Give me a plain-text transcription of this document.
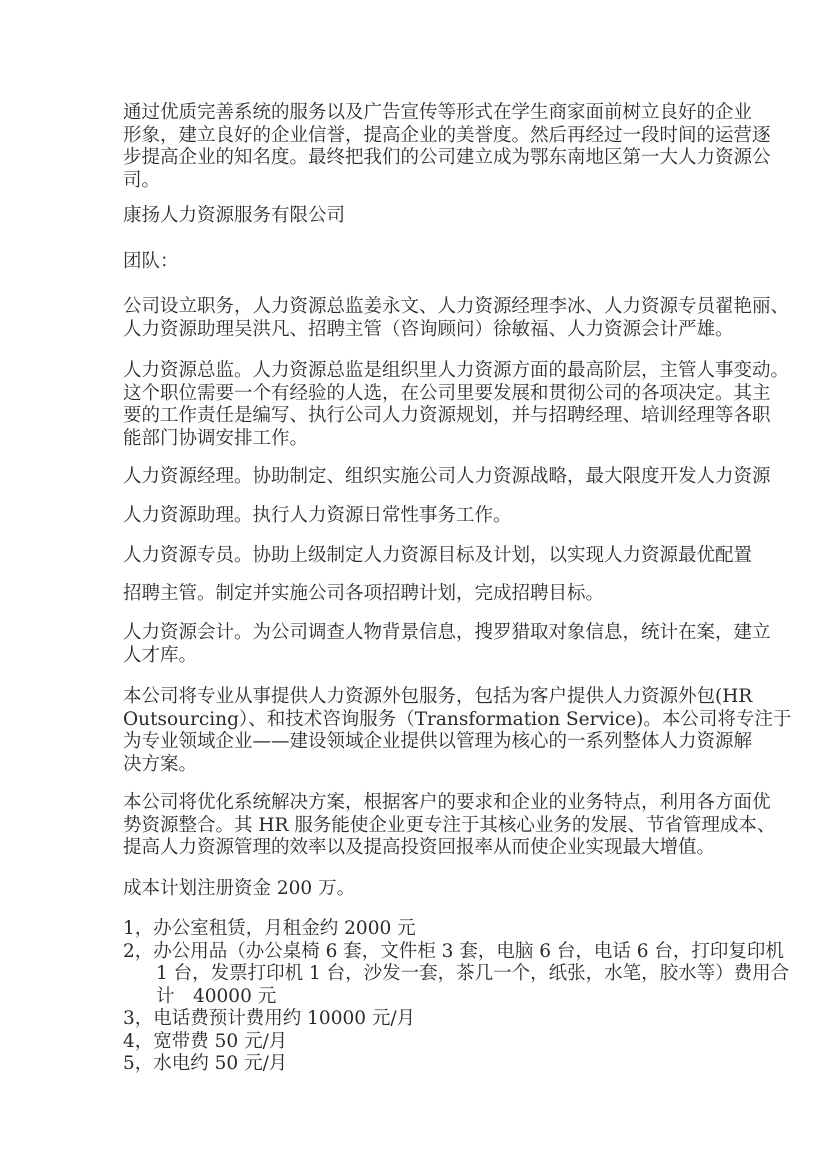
通过优质完善系统的服务以及广告宣传等形式在学生商家面前树立良好的企业
形象，建立良好的企业信誉，提高企业的美誉度。然后再经过一段时间的运营逐
步提高企业的知名度。最终把我们的公司建立成为鄂东南地区第一大人力资源公
司。
康扬人力资源服务有限公司
团队：
公司设立职务，人力资源总监姜永文、人力资源经理李冰、人力资源专员翟艳丽、
人力资源助理吴洪凡、招聘主管（咨询顾问）徐敏福、人力资源会计严雄。
人力资源总监。人力资源总监是组织里人力资源方面的最高阶层，主管人事变动。
这个职位需要一个有经验的人选，在公司里要发展和贯彻公司的各项决定。其主
要的工作责任是编写、执行公司人力资源规划，并与招聘经理、培训经理等各职
能部门协调安排工作。
人力资源经理。协助制定、组织实施公司人力资源战略，最大限度开发人力资源
人力资源助理。执行人力资源日常性事务工作。
人力资源专员。协助上级制定人力资源目标及计划，以实现人力资源最优配置
招聘主管。制定并实施公司各项招聘计划，完成招聘目标。
人力资源会计。为公司调查人物背景信息，搜罗猎取对象信息，统计在案，建立
人才库。
本公司将专业从事提供人力资源外包服务，包括为客户提供人力资源外包(HR
Outsourcing）、和技术咨询服务（Transformation Service)。本公司将专注于
为专业领域企业——建设领域企业提供以管理为核心的一系列整体人力资源解
决方案。
本公司将优化系统解决方案，根据客户的要求和企业的业务特点，利用各方面优
势资源整合。其 HR 服务能使企业更专注于其核心业务的发展、节省管理成本、
提高人力资源管理的效率以及提高投资回报率从而使企业实现最大增值。
成本计划注册资金 200 万。
1，办公室租赁，月租金约 2000 元
2，办公用品（办公桌椅 6 套，文件柜 3 套，电脑 6 台，电话 6 台，打印复印机
1 台，发票打印机 1 台，沙发一套，茶几一个，纸张，水笔，胶水等）费用合
计　40000 元
3，电话费预计费用约 10000 元/月
4，宽带费 50 元/月
5，水电约 50 元/月
